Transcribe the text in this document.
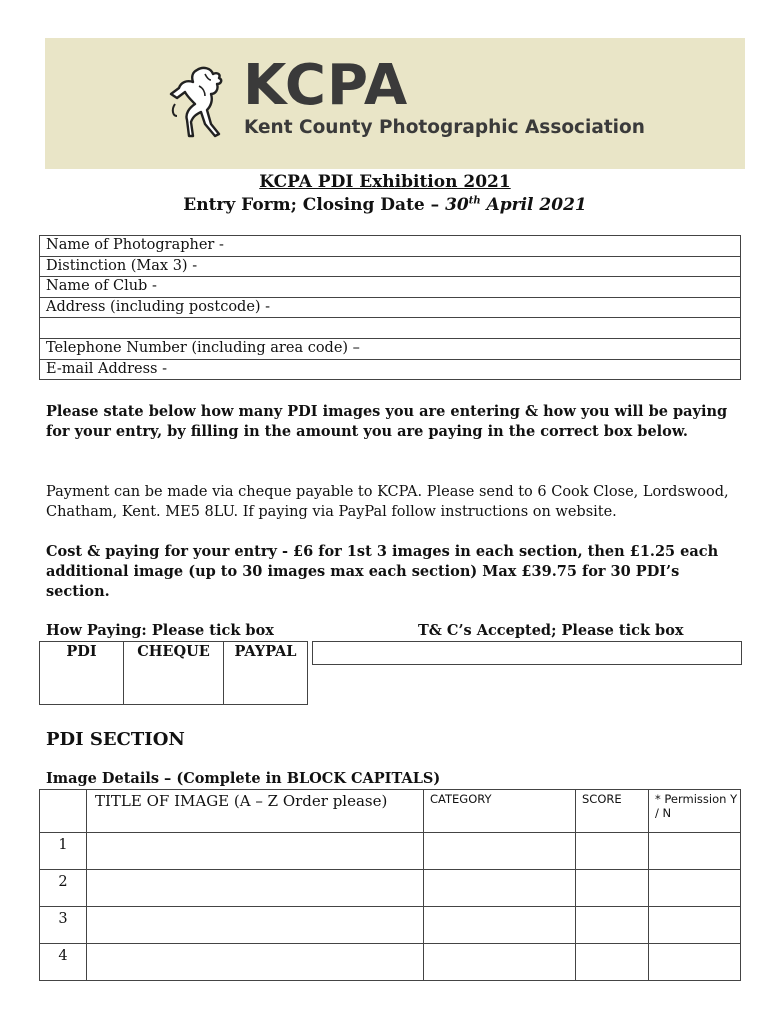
KCPA
Kent County Photographic Association
KCPA PDI Exhibition 2021
Entry Form; Closing Date – 30th April 2021
Name of Photographer -
Distinction (Max 3) -
Name of Club -
Address (including postcode) -

Telephone Number (including area code) –
E-mail Address -
Please state below how many PDI images you are entering & how you will be paying for your entry, by filling in the amount you are paying in the correct box below.
Payment can be made via cheque payable to KCPA. Please send to 6 Cook Close, Lordswood, Chatham, Kent. ME5 8LU. If paying via PayPal follow instructions on website.
Cost & paying for your entry - £6 for 1st 3 images in each section, then £1.25 each additional image (up to 30 images max each section) Max £39.75 for 30 PDI’s section.
How Paying: Please tick box	T& C’s Accepted; Please tick box
PDI	CHEQUE	PAYPAL
PDI SECTION
Image Details – (Complete in BLOCK CAPITALS)
	TITLE OF IMAGE (A – Z Order please)	CATEGORY	SCORE	* Permission Y / N
1				
2				
3				
4				
